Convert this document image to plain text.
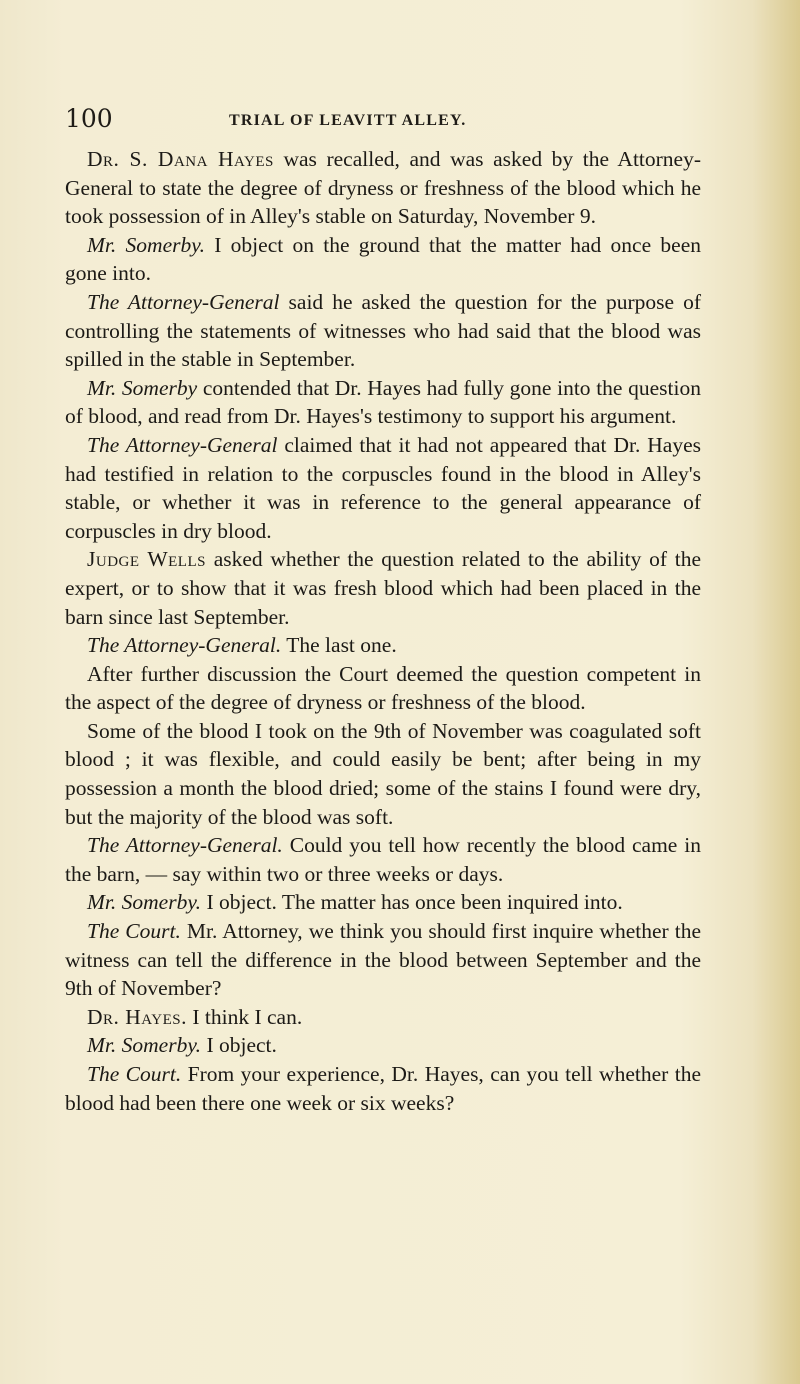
100	TRIAL OF LEAVITT ALLEY.

Dr. S. Dana Hayes was recalled, and was asked by the Attorney-General to state the degree of dryness or freshness of the blood which he took possession of in Alley's stable on Saturday, November 9.

Mr. Somerby. I object on the ground that the matter had once been gone into.

The Attorney-General said he asked the question for the purpose of controlling the statements of witnesses who had said that the blood was spilled in the stable in September.

Mr. Somerby contended that Dr. Hayes had fully gone into the question of blood, and read from Dr. Hayes's testimony to support his argument.

The Attorney-General claimed that it had not appeared that Dr. Hayes had testified in relation to the corpuscles found in the blood in Alley's stable, or whether it was in reference to the general appearance of corpuscles in dry blood.

Judge Wells asked whether the question related to the ability of the expert, or to show that it was fresh blood which had been placed in the barn since last September.

The Attorney-General. The last one.

After further discussion the Court deemed the question competent in the aspect of the degree of dryness or freshness of the blood.

Some of the blood I took on the 9th of November was coagulated soft blood ; it was flexible, and could easily be bent; after being in my possession a month the blood dried; some of the stains I found were dry, but the majority of the blood was soft.

The Attorney-General. Could you tell how recently the blood came in the barn, — say within two or three weeks or days.

Mr. Somerby. I object. The matter has once been inquired into.

The Court. Mr. Attorney, we think you should first inquire whether the witness can tell the difference in the blood between September and the 9th of November?

Dr. Hayes. I think I can.

Mr. Somerby. I object.

The Court. From your experience, Dr. Hayes, can you tell whether the blood had been there one week or six weeks?
